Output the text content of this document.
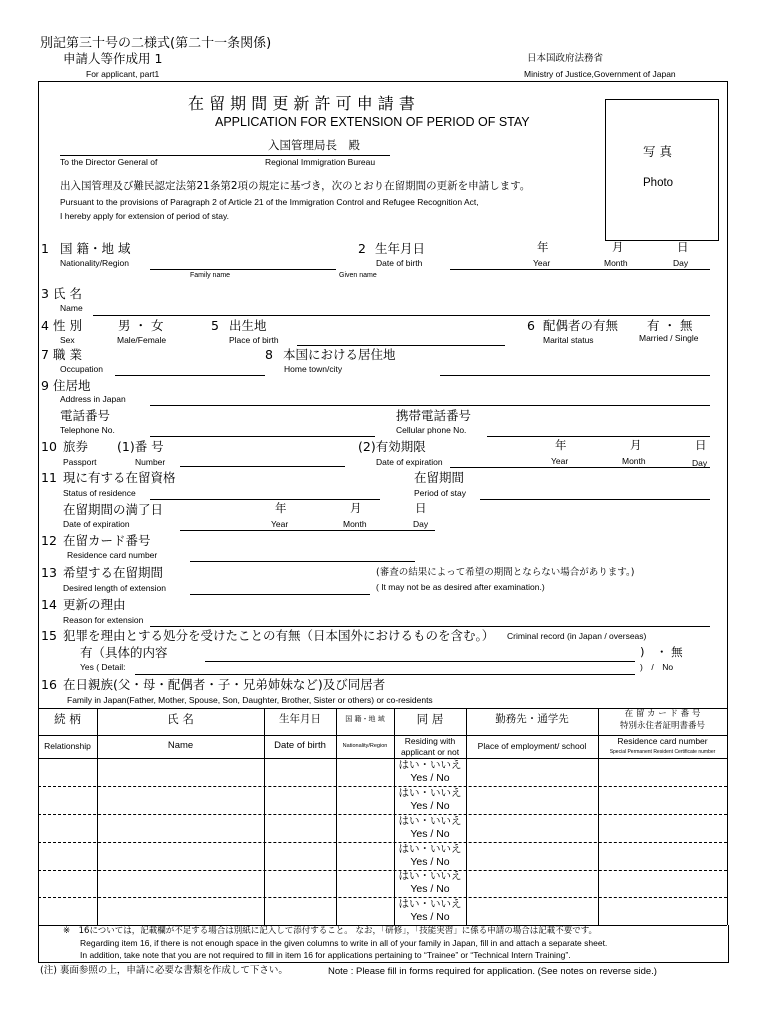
別記第三十号の二様式(第二十一条関係)
申請人等作成用 1
For applicant, part1
日本国政府法務省
Ministry of Justice,Government of Japan
在 留 期 間 更 新 許 可 申 請 書
APPLICATION FOR EXTENSION OF PERIOD OF STAY
入国管理局長　殿
To the Director General of	Regional Immigration Bureau
写 真
Photo
出入国管理及び難民認定法第21条第2項の規定に基づき，次のとおり在留期間の更新を申請します。
Pursuant to the provisions of Paragraph 2 of Article 21 of the Immigration Control and Refugee Recognition Act,
I hereby apply for extension of period of stay.
1 国 籍・地 域
Nationality/Region
2 生年月日
Date of birth
年	月	日
Year	Month	Day
Family name	Given name
3 氏 名
Name
4 性 別	男 ・ 女
Sex	Male/Female
5 出生地
Place of birth
6 配偶者の有無 有 ・ 無
Marital status	Married / Single
7 職 業
Occupation
8 本国における居住地
Home town/city
9 住居地
Address in Japan
電話番号
Telephone No.
携帯電話番号
Cellular phone No.
10 旅券 (1)番 号
Passport	Number
(2)有効期限
Date of expiration
年	月	日
Year	Month	Day
11 現に有する在留資格
Status of residence
在留期間
Period of stay
在留期間の満了日
Date of expiration
年	月	日
Year	Month	Day
12 在留カード番号
Residence card number
13 希望する在留期間
Desired length of extension
(審査の結果によって希望の期間とならない場合があります。)
( It may not be as desired after examination.)
14 更新の理由
Reason for extension
15 犯罪を理由とする処分を受けたことの有無（日本国外におけるものを含む。） Criminal record (in Japan / overseas)
有（具体的内容	)　・ 無
Yes ( Detail:	)　/　No
16 在日親族(父・母・配偶者・子・兄弟姉妹など)及び同居者
Family in Japan(Father, Mother, Spouse, Son, Daughter, Brother, Sister or others) or co-residents
続 柄	氏 名	生年月日	国 籍・地 域	同 居	勤務先・通学先	在 留 カ ー ド 番 号
特別永住者証明書番号
Relationship	Name	Date of birth	Nationality/Region	Residing with
applicant or not
Place of employment/ school	Residence card number
Special Permanent Resident Certificate number
はい・いいえ
Yes / No
はい・いいえ
Yes / No
はい・いいえ
Yes / No
はい・いいえ
Yes / No
はい・いいえ
Yes / No
はい・いいえ
Yes / No
※　16については，記載欄が不足する場合は別紙に記入して添付すること。 なお，「研修」，「技能実習」に係る申請の場合は記載不要です。
Regarding item 16, if there is not enough space in the given columns to write in all of your family in Japan, fill in and attach a separate sheet.
In addition, take note that you are not required to fill in item 16 for applications pertaining to “Trainee” or “Technical Intern Training”.
(注) 裏面参照の上，申請に必要な書類を作成して下さい。	Note : Please fill in forms required for application. (See notes on reverse side.)
